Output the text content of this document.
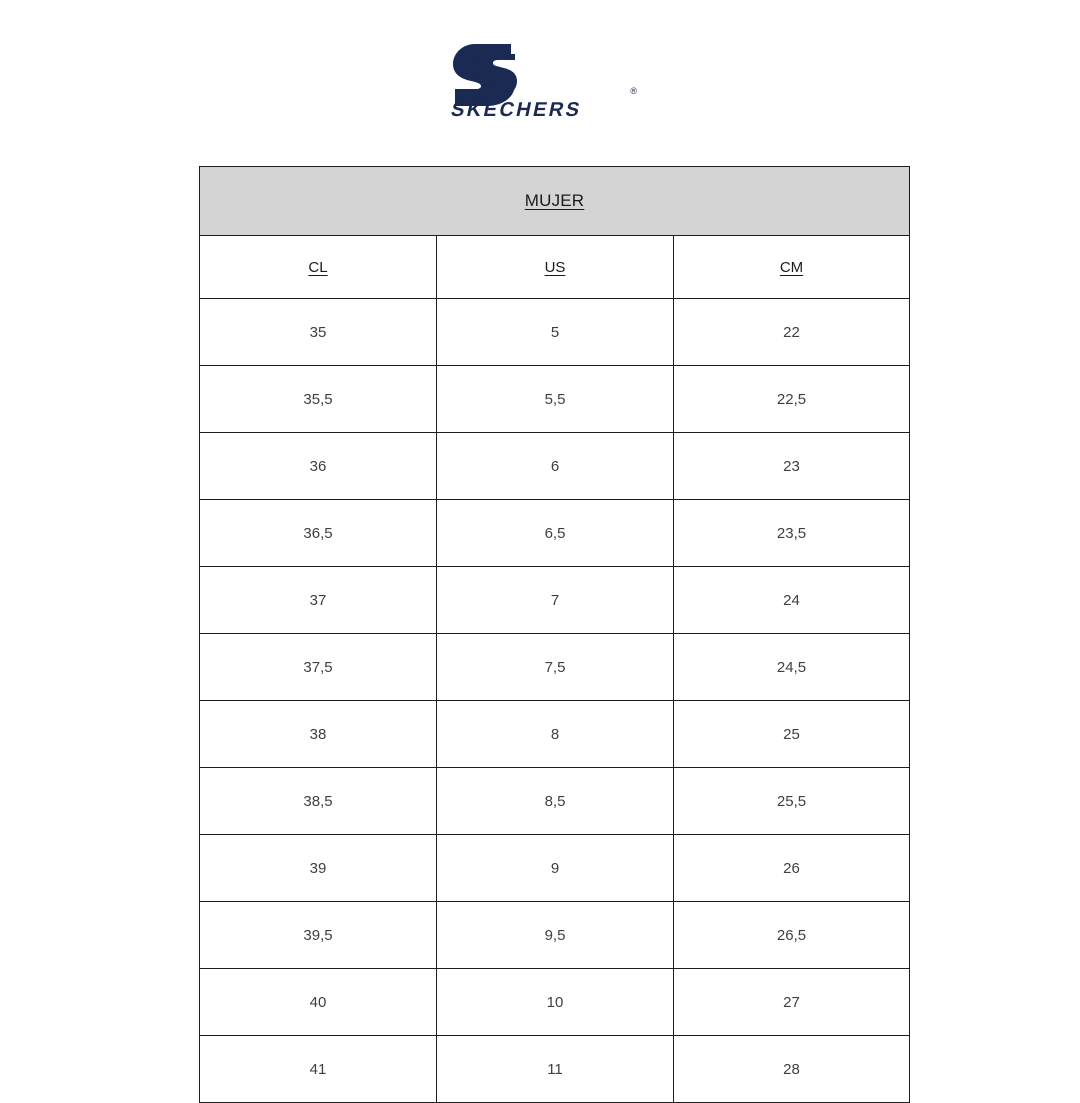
SKECHERS
®
MUJER		
CL	US	CM
35	5	22
35,5	5,5	22,5
36	6	23
36,5	6,5	23,5
37	7	24
37,5	7,5	24,5
38	8	25
38,5	8,5	25,5
39	9	26
39,5	9,5	26,5
40	10	27
41	11	28
